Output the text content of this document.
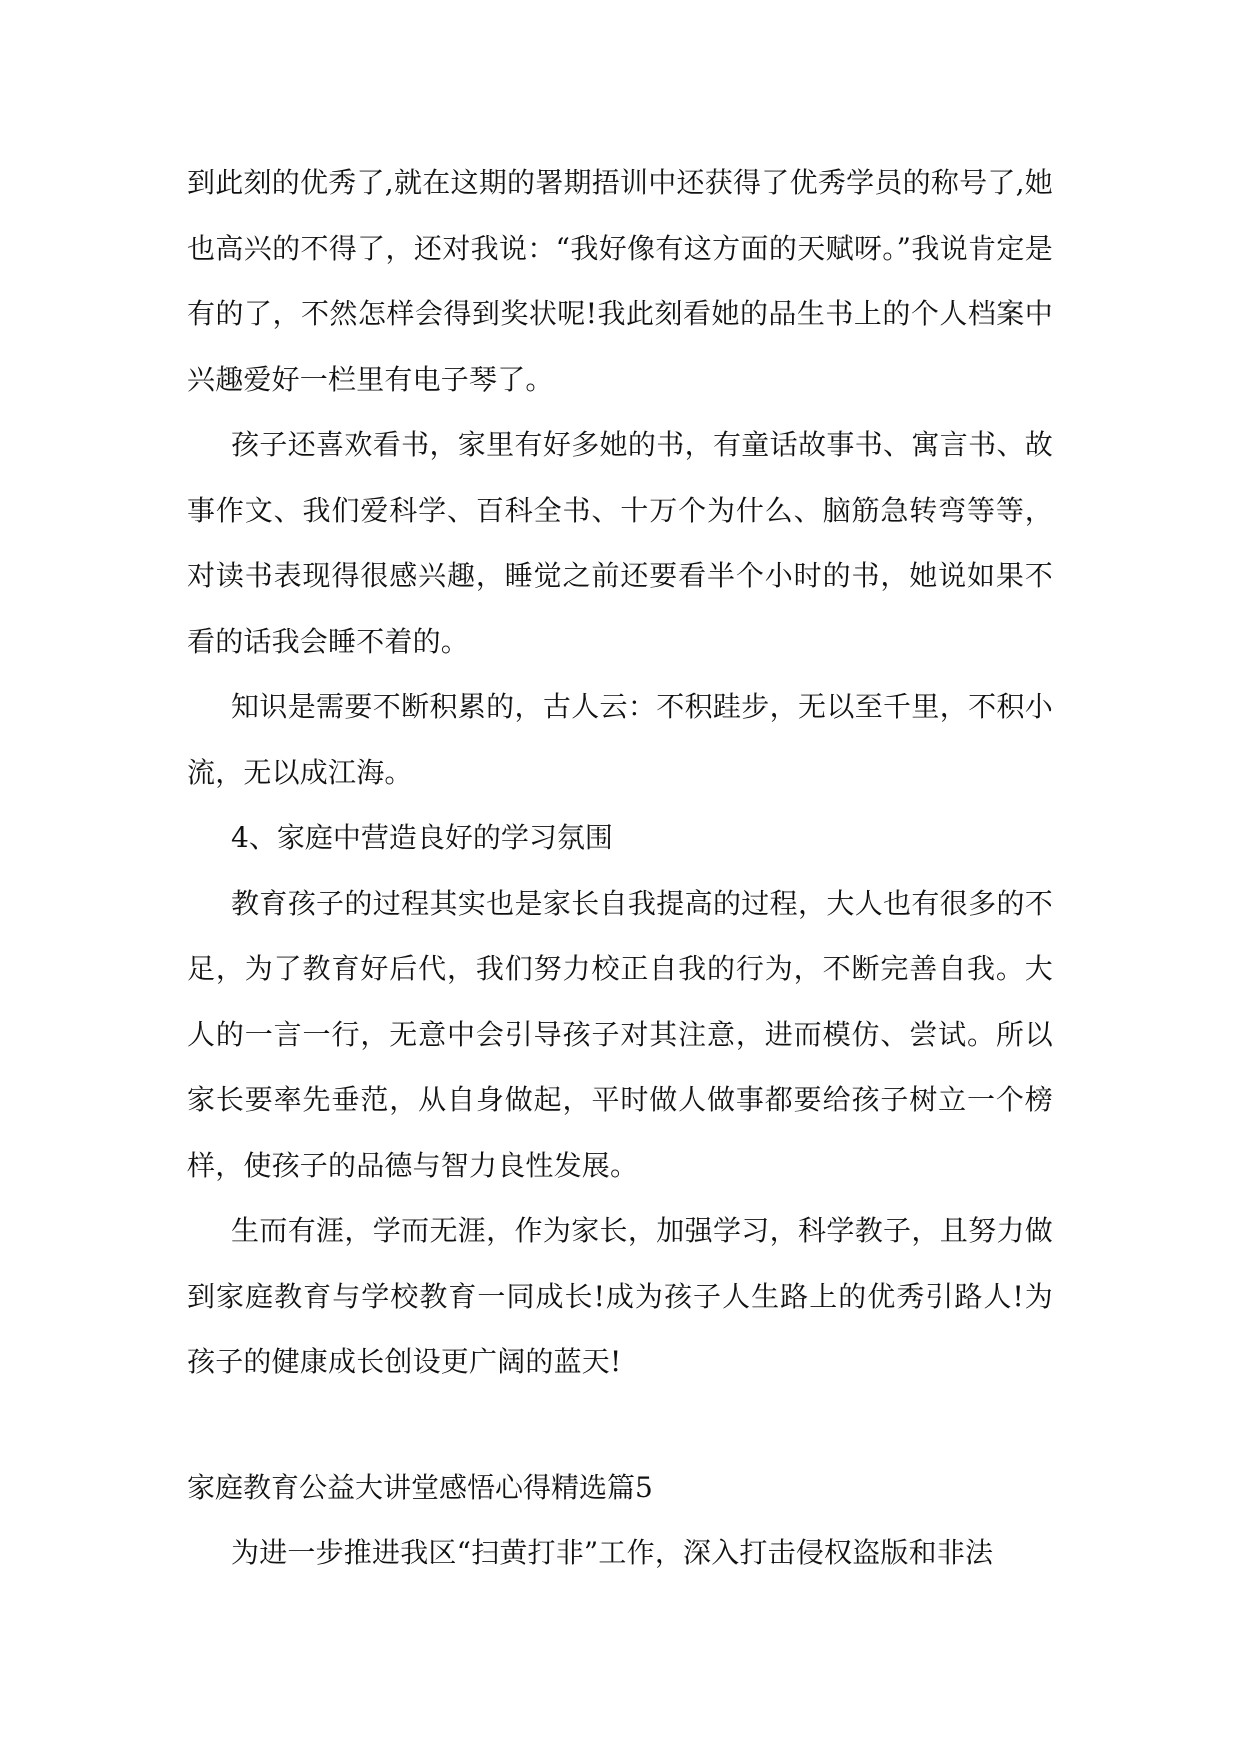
到此刻的优秀了,就在这期的署期捂训中还获得了优秀学员的称号了,她也高兴的不得了，还对我说：“我好像有这方面的天赋呀。”我说肯定是有的了，不然怎样会得到奖状呢!我此刻看她的品生书上的个人档案中兴趣爱好一栏里有电子琴了。

孩子还喜欢看书，家里有好多她的书，有童话故事书、寓言书、故事作文、我们爱科学、百科全书、十万个为什么、脑筋急转弯等等，对读书表现得很感兴趣，睡觉之前还要看半个小时的书，她说如果不看的话我会睡不着的。

知识是需要不断积累的，古人云：不积跬步，无以至千里，不积小流，无以成江海。

4、家庭中营造良好的学习氛围

教育孩子的过程其实也是家长自我提高的过程，大人也有很多的不足，为了教育好后代，我们努力校正自我的行为，不断完善自我。大人的一言一行，无意中会引导孩子对其注意，进而模仿、尝试。所以家长要率先垂范，从自身做起，平时做人做事都要给孩子树立一个榜样，使孩子的品德与智力良性发展。

生而有涯，学而无涯，作为家长，加强学习，科学教子，且努力做到家庭教育与学校教育一同成长!成为孩子人生路上的优秀引路人!为孩子的健康成长创设更广阔的蓝天!

家庭教育公益大讲堂感悟心得精选篇5

为进一步推进我区“扫黄打非”工作，深入打击侵权盗版和非法
